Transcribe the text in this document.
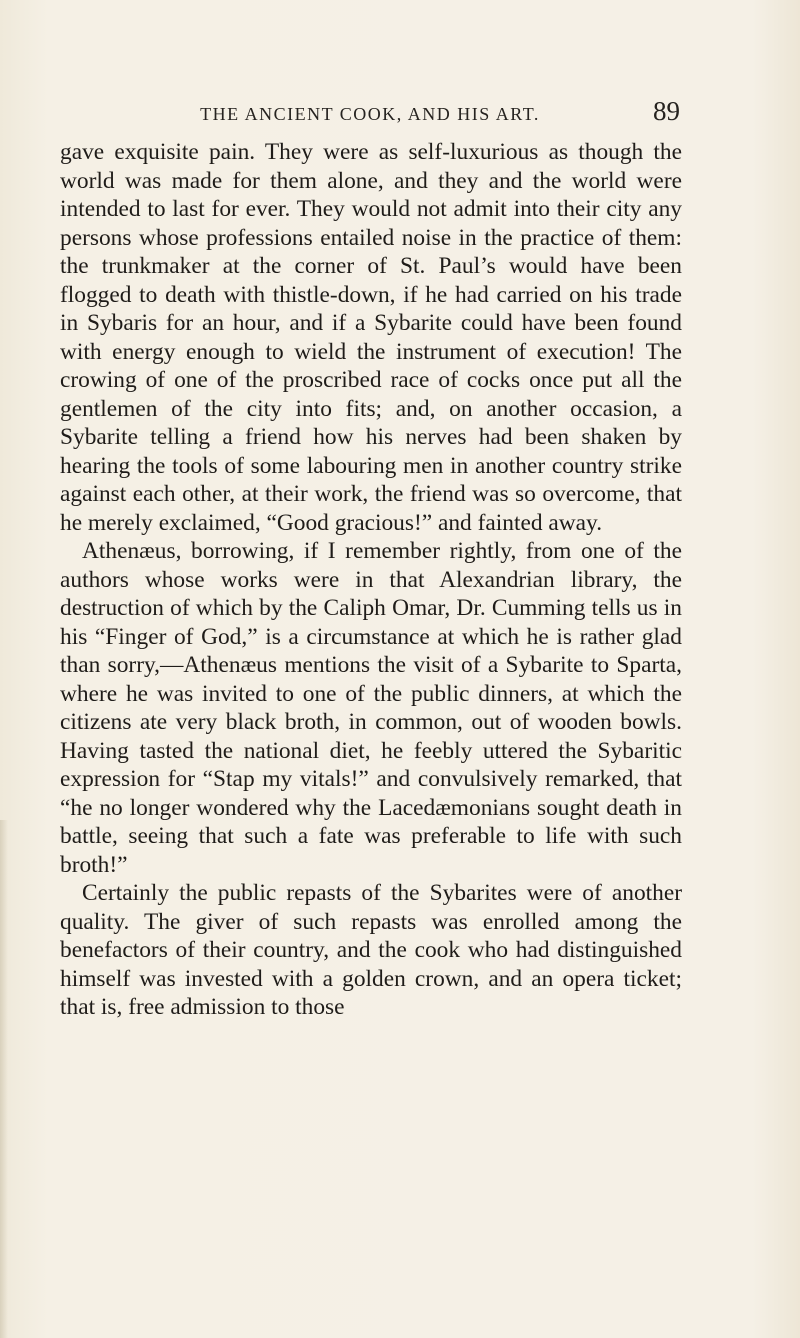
THE ANCIENT COOK, AND HIS ART.	89

gave exquisite pain. They were as self-luxurious as though the world was made for them alone, and they and the world were intended to last for ever. They would not admit into their city any persons whose professions entailed noise in the practice of them: the trunkmaker at the corner of St. Paul’s would have been flogged to death with thistle-down, if he had carried on his trade in Sybaris for an hour, and if a Sybarite could have been found with energy enough to wield the instrument of execution! The crowing of one of the proscribed race of cocks once put all the gentlemen of the city into fits; and, on another occasion, a Sybarite telling a friend how his nerves had been shaken by hearing the tools of some labouring men in another country strike against each other, at their work, the friend was so overcome, that he merely exclaimed, “Good gracious!” and fainted away.

Athenæus, borrowing, if I remember rightly, from one of the authors whose works were in that Alexandrian library, the destruction of which by the Caliph Omar, Dr. Cumming tells us in his “Finger of God,” is a circumstance at which he is rather glad than sorry,—Athenæus mentions the visit of a Sybarite to Sparta, where he was invited to one of the public dinners, at which the citizens ate very black broth, in common, out of wooden bowls. Having tasted the national diet, he feebly uttered the Sybaritic expression for “Stap my vitals!” and convulsively remarked, that “he no longer wondered why the Lacedæmonians sought death in battle, seeing that such a fate was preferable to life with such broth!”

Certainly the public repasts of the Sybarites were of another quality. The giver of such repasts was enrolled among the benefactors of their country, and the cook who had distinguished himself was invested with a golden crown, and an opera ticket; that is, free admission to those
